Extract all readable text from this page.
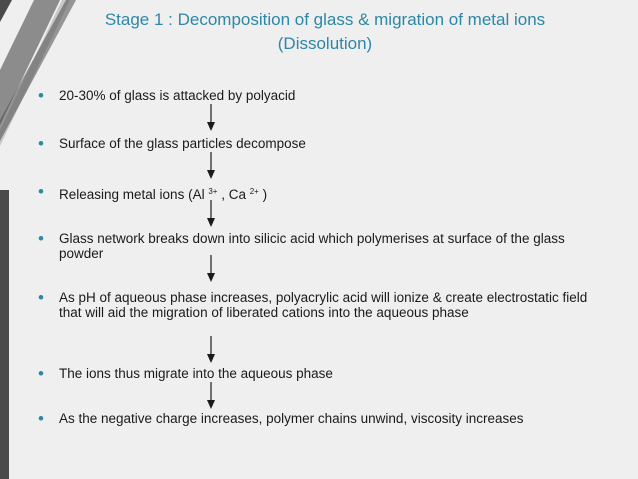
Stage 1 : Decomposition of glass & migration of metal ions
(Dissolution)
• 20-30% of glass is attacked by polyacid
• Surface of the glass particles decompose
• Releasing metal ions (Al $^{3+}$ , Ca $^{2+}$ )
• Glass network breaks down into silicic acid which polymerises at surface of the glass powder
• As pH of aqueous phase increases, polyacrylic acid will ionize & create electrostatic field that will aid the migration of liberated cations into the aqueous phase
• The ions thus migrate into the aqueous phase
• As the negative charge increases, polymer chains unwind, viscosity increases
